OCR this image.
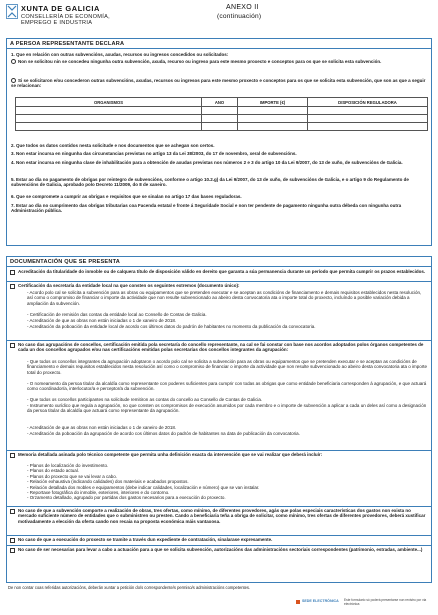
XUNTA DE GALICIA
CONSELLERÍA DE ECONOMÍA,
EMPREGO E INDUSTRIA
ANEXO II
(continuación)
A PERSOA REPRESENTANTE DECLARA
1. Que en relación con outras subvencións, axudas, recursos ou ingresos concedidos ou solicitados:
Non se solicitou nin se concedeu ningunha outra subvención, axuda, recurso ou ingreso para este mesmo proxecto e conceptos para os que se solicita esta subvención.
Si se solicitaron e/ou concederon outras subvencións, axudas, recursos ou ingresos para este mesmo proxecto e conceptos para os que se solicita esta subvención, que son as que a seguir se relacionan:
ORGANISMOS	ANO	IMPORTE (€)	DISPOSICIÓN REGULADORA

2. Que todos os datos contidos nesta solicitude e nos documentos que se achegan son certos.
3. Non estar incursa en ningunha das circunstancias previstas no artigo 13 da Lei 38/2003, do 17 de novembro, xeral de subvencións.
4. Non estar incursa en ningunha clase de inhabilitación para a obtención de axudas previstas nos números 2 e 3 do artigo 10 da Lei 9/2007, do 13 de xuño, de subvencións de Galicia.
5. Estar ao día no pagamento de obrigas por reintegro de subvencións, conforme o artigo 10.2.g) da Lei 9/2007, do 13 de xuño, de subvencións de Galicia, e o artigo 9 do Regulamento de subvencións de Galicia, aprobado polo Decreto 11/2009, do 8 de xaneiro.
6. Que se compromete a cumprir as obrigas e requisitos que se sinalan no artigo 17 das bases reguladoras.
7. Estar ao día no cumprimento das obrigas tributarias coa Facenda estatal e fronte á Seguridade Social e non ter pendente de pagamento ningunha outra débeda con ningunha outra Administración pública.
DOCUMENTACIÓN QUE SE PRESENTA
Acreditación da titularidade do inmoble ou de calquera título de disposición válido en dereito que garanta a súa permanencia durante un período que permita cumprir os prazos establecidos.
Certificación da secretaría da entidade local na que consten os seguintes extremos (documento único):
- Acordo polo cal se solicita a subvención para as obras ou equipamentos que se pretenden executar e se aceptan as condicións de financiamento e demais requisitos establecidos nesta resolución, así como o compromiso de financiar o importe da actividade que non resulte subvencionado ao abeiro desta convocatoria ata o importe total do proxecto, incluíndo a posible variación debida a ampliación da subvención.
- Certificación de remisión das contas da entidade local ao Consello de Contas de Galicia.
- Acreditación de que as obras non están iniciadas o 1 de xaneiro de 2018.
- Acreditación da poboación da entidade local de acordo cos últimos datos do padrón de habitantes no momento da publicación da convocatoria.
No caso das agrupacións de concellos, certificación emitida pola secretaría do concello representante, na cal se fai constar con base nos acordos adoptados polos órganos competentes de cada un dos concellos agrupados e/ou nas certificacións emitidas polas secretarías dos concellos integrantes da agrupación:
- Que todos os concellos integrantes da agrupación adoptaron o acordo polo cal se solicita a subvención para as obras ou equipamentos que se pretenden executar e se aceptan as condicións de financiamento e demais requisitos establecidos nesta resolución así como o compromiso de financiar o importe da actividade que non resulte subvencionado ao abeiro desta convocatoria ata o importe total do proxecto.
- O nomeamento da persoa titular da alcaldía como representante con poderes suficientes para cumprir con todas as obrigas que como entidade beneficiaria corresponden á agrupación, e que actuará como coordinador/a, interlocutor/a e perceptor/a da subvención.
- Que todos os concellos participantes na solicitude remitiron as contas do concello ao Consello de Contas de Galicia.
- Instrumento xurídico que regula a agrupación, no que consten os compromisos de execución asumidos por cada membro e o importe de subvención a aplicar a cada un deles así como a designación da persoa titular da alcaldía que actuará como representante da agrupación.
- Acreditación de que as obras non están iniciadas o 1 de xaneiro de 2018.
- Acreditación da poboación da agrupación de acordo cos últimos datos do padrón de habitantes na data de publicación da convocatoria.
Memoria detallada asinada polo técnico competente que permita unha definición exacta da intervención que se vai realizar que deberá incluír:
- Planos de localización do investimento.
- Planos do estado actual.
- Planos do proxecto que se vai levar a cabo.
- Relación exhaustiva (indicando calidades) dos materiais e acabados propostos.
- Relación detallada dos mobles e equipamentos (debe indicar calidades, localización e número) que se van instalar.
- Reportaxe fotográfica do inmoble, exteriores, interiores e do contorno.
- Orzamento detallado, agrupado por partidas dos gastos necesarios para a execución do proxecto.
No caso de que a subvención comporte a realización de obras, tres ofertas, como mínimo, de diferentes provedores, agás que polas especiais características dos gastos non exista no mercado suficiente número de entidades que o subministren ou presten. Cando a beneficiaria teña a obriga de solicitar, como mínimo, tres ofertas de diferentes provedores, deberá xustificar motivadamente a elección da oferta cando non recaia na proposta económica máis vantaxosa.
No caso de que a execución do proxecto se tramite a través dun expediente de contratación, sinalarase expresamente.
No caso de ser necesarias para levar a cabo a actuación para a que se solicita subvención, autorizacións das administracións sectoriais correspondentes (patrimonio, estradas, ambiente...)
De non contar coas referidas autorizacións, deberán xuntar a petición do/s correspondente/s permiso/s administracións competentes.
SEDE ELECTRÓNICA Este formulario só poderá presentarse nun rexistro por via electrónica
